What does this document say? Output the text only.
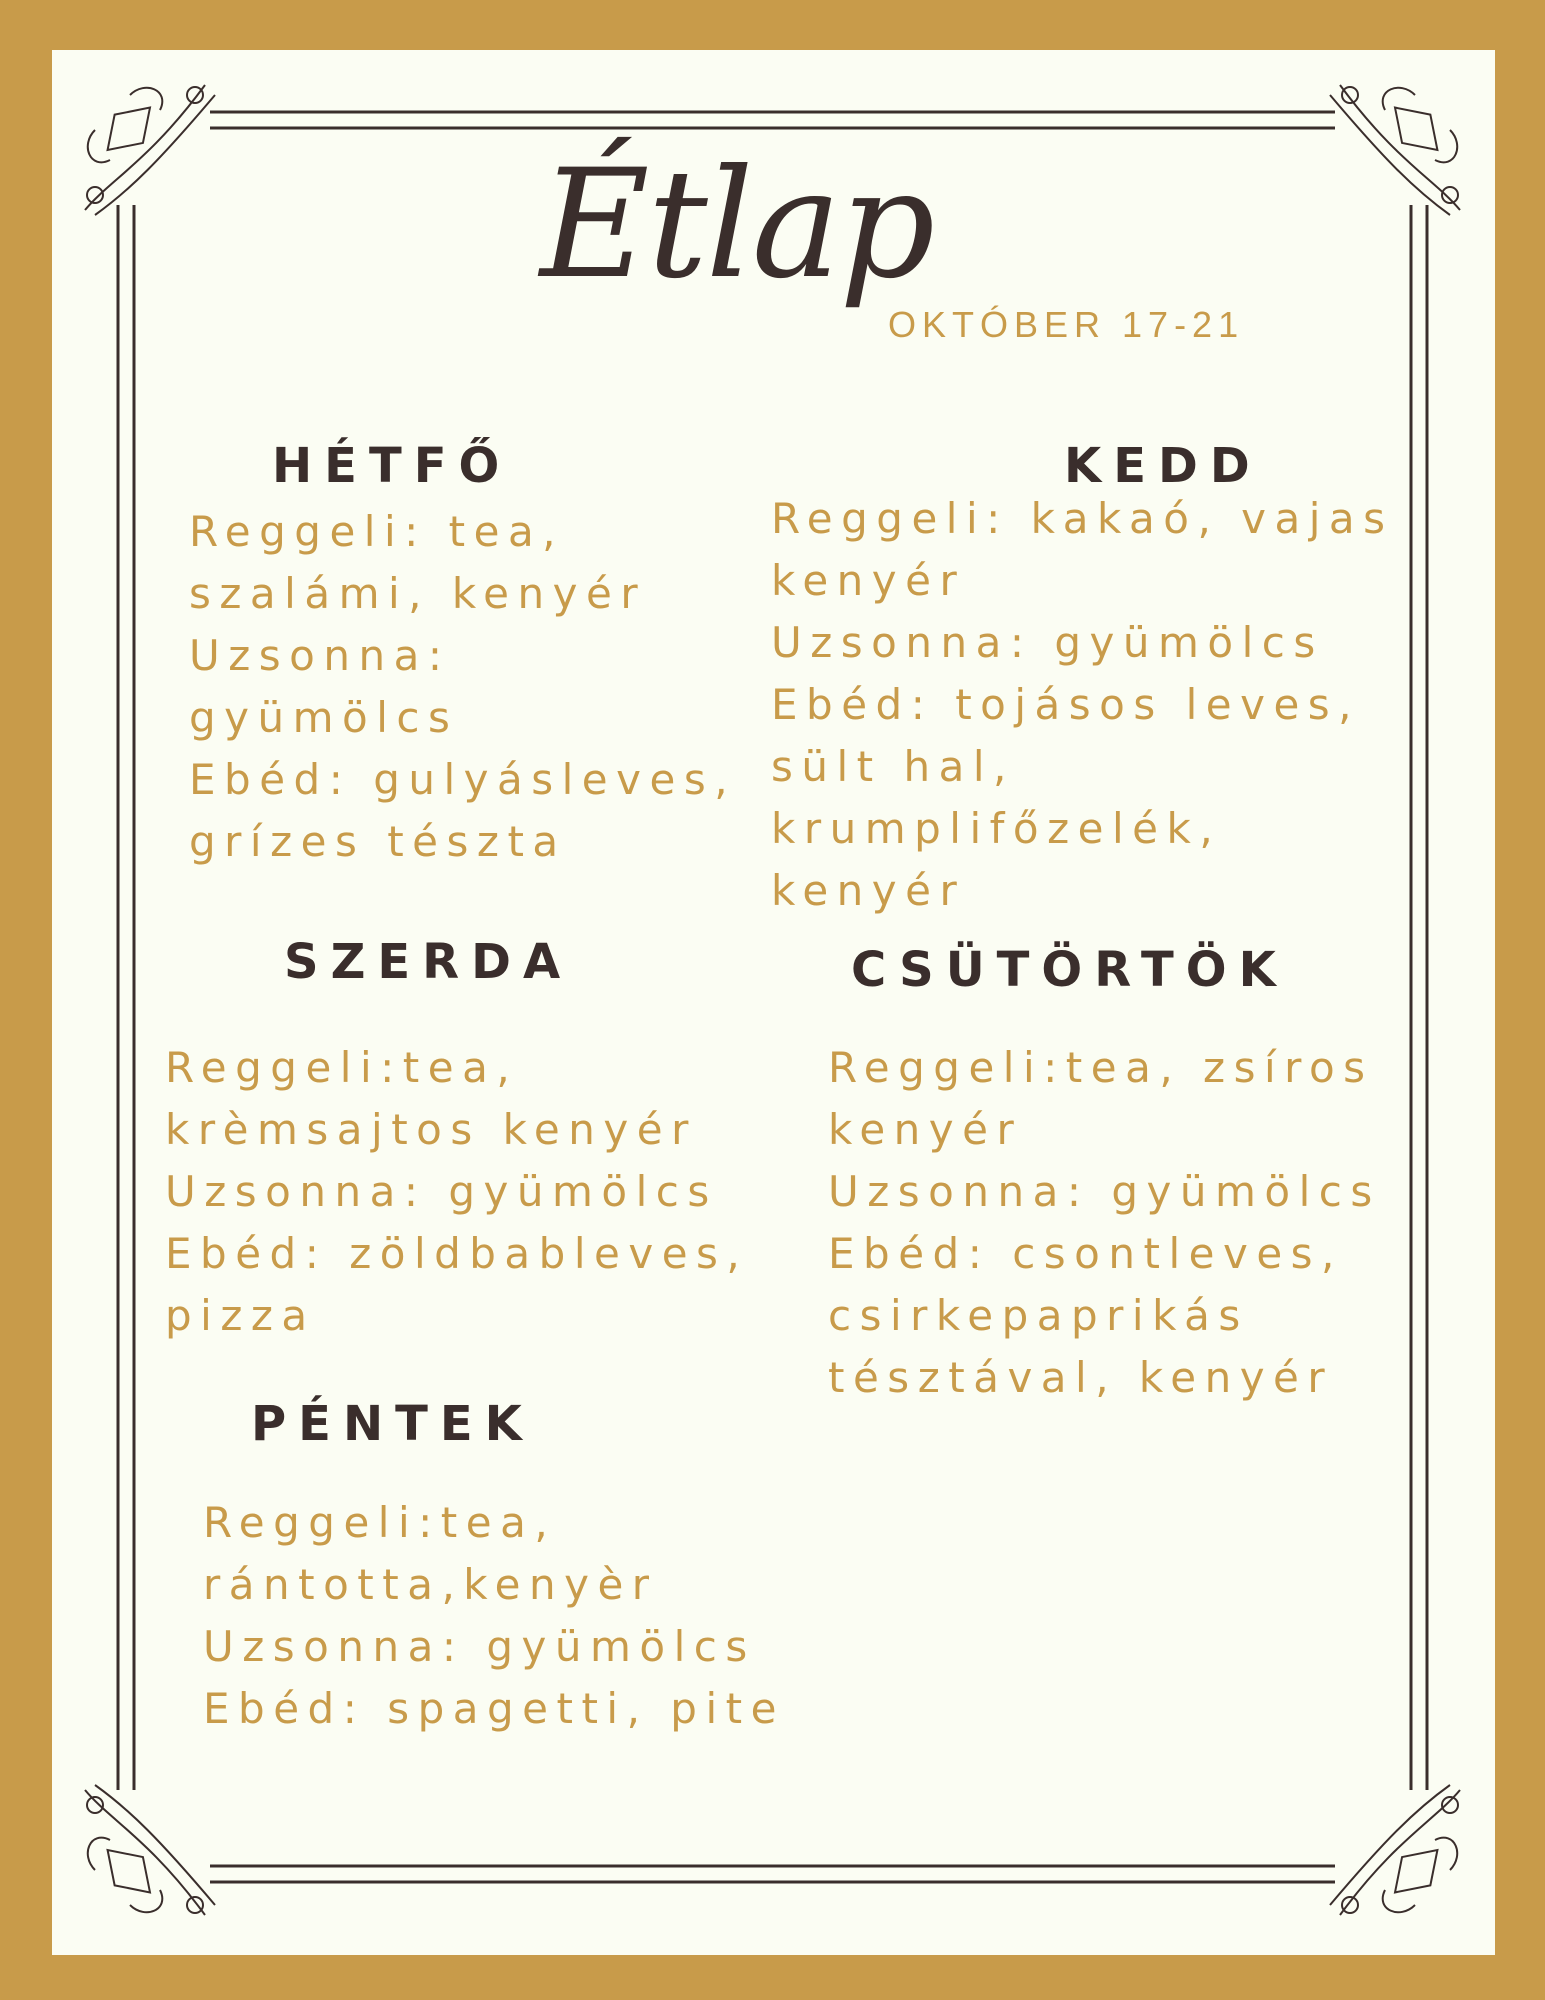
Étlap
OKTÓBER 17-21
HÉTFŐ
Reggeli: tea,
szalámi, kenyér
Uzsonna:
gyümölcs
Ebéd: gulyásleves,
grízes tészta
KEDD
Reggeli: kakaó, vajas
kenyér
Uzsonna: gyümölcs
Ebéd: tojásos leves,
sült hal,
krumplifőzelék,
kenyér
SZERDA
Reggeli:tea,
krèmsajtos kenyér
Uzsonna: gyümölcs
Ebéd: zöldbableves,
pizza
CSÜTÖRTÖK
Reggeli:tea, zsíros
kenyér
Uzsonna: gyümölcs
Ebéd: csontleves,
csirkepaprikás
tésztával, kenyér
PÉNTEK
Reggeli:tea,
rántotta,kenyèr
Uzsonna: gyümölcs
Ebéd: spagetti, pite
